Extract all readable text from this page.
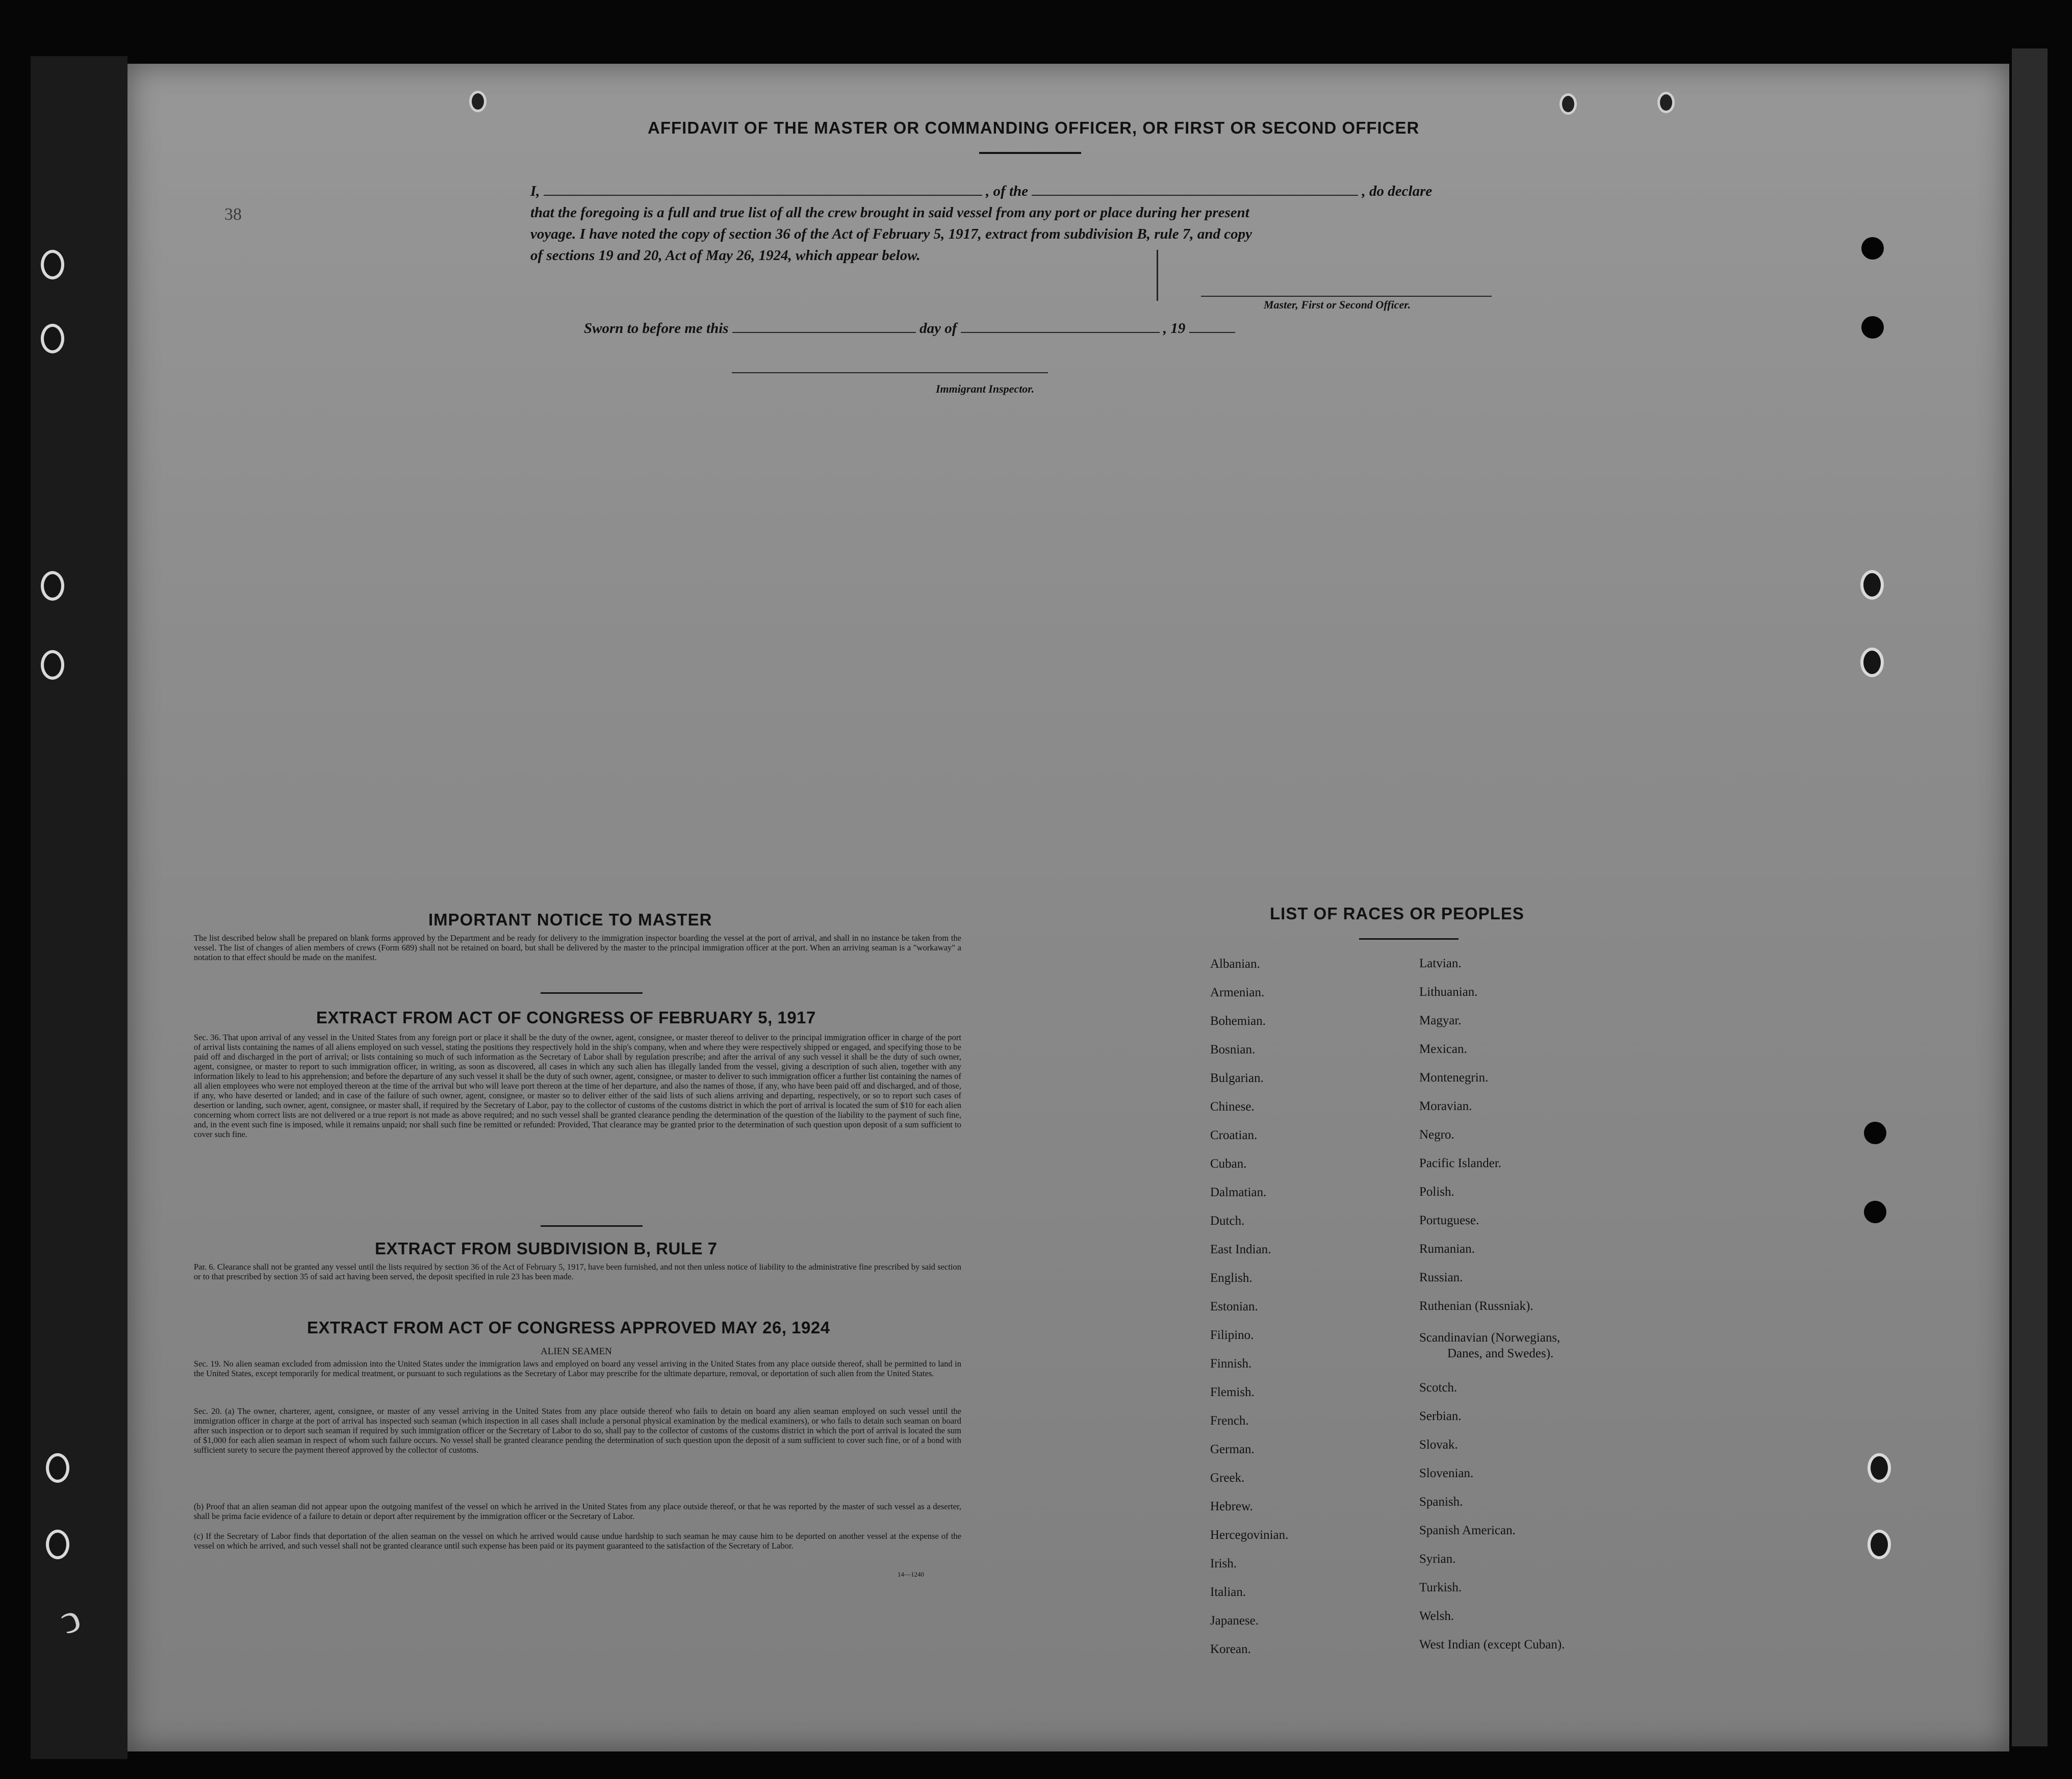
38
AFFIDAVIT OF THE MASTER OR COMMANDING OFFICER, OR FIRST OR SECOND OFFICER
I,	, of the	, do declare
that the foregoing is a full and true list of all the crew brought in said vessel from any port or place during her present
voyage. I have noted the copy of section 36 of the Act of February 5, 1917, extract from subdivision B, rule 7, and copy
of sections 19 and 20, Act of May 26, 1924, which appear below.
Master, First or Second Officer.
Sworn to before me this	day of	, 19
Immigrant Inspector.
IMPORTANT NOTICE TO MASTER
The list described below shall be prepared on blank forms approved by the Department and be ready for delivery to the immigration inspector boarding the vessel at the port of arrival, and shall in no instance be taken from the vessel. The list of changes of alien members of crews (Form 689) shall not be retained on board, but shall be delivered by the master to the principal immigration officer at the port. When an arriving seaman is a "workaway" a notation to that effect should be made on the manifest.
EXTRACT FROM ACT OF CONGRESS OF FEBRUARY 5, 1917
Sec. 36. That upon arrival of any vessel in the United States from any foreign port or place it shall be the duty of the owner, agent, consignee, or master thereof to deliver to the principal immigration officer in charge of the port of arrival lists containing the names of all aliens employed on such vessel, stating the positions they respectively hold in the ship's company, when and where they were respectively shipped or engaged, and specifying those to be paid off and discharged in the port of arrival; or lists containing so much of such information as the Secretary of Labor shall by regulation prescribe; and after the arrival of any such vessel it shall be the duty of such owner, agent, consignee, or master to report to such immigration officer, in writing, as soon as discovered, all cases in which any such alien has illegally landed from the vessel, giving a description of such alien, together with any information likely to lead to his apprehension; and before the departure of any such vessel it shall be the duty of such owner, agent, consignee, or master to deliver to such immigration officer a further list containing the names of all alien employees who were not employed thereon at the time of the arrival but who will leave port thereon at the time of her departure, and also the names of those, if any, who have been paid off and discharged, and of those, if any, who have deserted or landed; and in case of the failure of such owner, agent, consignee, or master so to deliver either of the said lists of such aliens arriving and departing, respectively, or so to report such cases of desertion or landing, such owner, agent, consignee, or master shall, if required by the Secretary of Labor, pay to the collector of customs of the customs district in which the port of arrival is located the sum of $10 for each alien concerning whom correct lists are not delivered or a true report is not made as above required; and no such vessel shall be granted clearance pending the determination of the question of the liability to the payment of such fine, and, in the event such fine is imposed, while it remains unpaid; nor shall such fine be remitted or refunded: Provided, That clearance may be granted prior to the determination of such question upon deposit of a sum sufficient to cover such fine.
EXTRACT FROM SUBDIVISION B, RULE 7
Par. 6. Clearance shall not be granted any vessel until the lists required by section 36 of the Act of February 5, 1917, have been furnished, and not then unless notice of liability to the administrative fine prescribed by said section or to that prescribed by section 35 of said act having been served, the deposit specified in rule 23 has been made.
EXTRACT FROM ACT OF CONGRESS APPROVED MAY 26, 1924
ALIEN SEAMEN
Sec. 19. No alien seaman excluded from admission into the United States under the immigration laws and employed on board any vessel arriving in the United States from any place outside thereof, shall be permitted to land in the United States, except temporarily for medical treatment, or pursuant to such regulations as the Secretary of Labor may prescribe for the ultimate departure, removal, or deportation of such alien from the United States.
Sec. 20. (a) The owner, charterer, agent, consignee, or master of any vessel arriving in the United States from any place outside thereof who fails to detain on board any alien seaman employed on such vessel until the immigration officer in charge at the port of arrival has inspected such seaman (which inspection in all cases shall include a personal physical examination by the medical examiners), or who fails to detain such seaman on board after such inspection or to deport such seaman if required by such immigration officer or the Secretary of Labor to do so, shall pay to the collector of customs of the customs district in which the port of arrival is located the sum of $1,000 for each alien seaman in respect of whom such failure occurs. No vessel shall be granted clearance pending the determination of such question upon the deposit of a sum sufficient to cover such fine, or of a bond with sufficient surety to secure the payment thereof approved by the collector of customs.
(b) Proof that an alien seaman did not appear upon the outgoing manifest of the vessel on which he arrived in the United States from any place outside thereof, or that he was reported by the master of such vessel as a deserter, shall be prima facie evidence of a failure to detain or deport after requirement by the immigration officer or the Secretary of Labor.
(c) If the Secretary of Labor finds that deportation of the alien seaman on the vessel on which he arrived would cause undue hardship to such seaman he may cause him to be deported on another vessel at the expense of the vessel on which he arrived, and such vessel shall not be granted clearance until such expense has been paid or its payment guaranteed to the satisfaction of the Secretary of Labor.
14—1240
LIST OF RACES OR PEOPLES
Albanian.
Armenian.
Bohemian.
Bosnian.
Bulgarian.
Chinese.
Croatian.
Cuban.
Dalmatian.
Dutch.
East Indian.
English.
Estonian.
Filipino.
Finnish.
Flemish.
French.
German.
Greek.
Hebrew.
Hercegovinian.
Irish.
Italian.
Japanese.
Korean.
Latvian.
Lithuanian.
Magyar.
Mexican.
Montenegrin.
Moravian.
Negro.
Pacific Islander.
Polish.
Portuguese.
Rumanian.
Russian.
Ruthenian (Russniak).
Scandinavian (Norwegians,
Danes, and Swedes).
Scotch.
Serbian.
Slovak.
Slovenian.
Spanish.
Spanish American.
Syrian.
Turkish.
Welsh.
West Indian (except Cuban).
ↄ
